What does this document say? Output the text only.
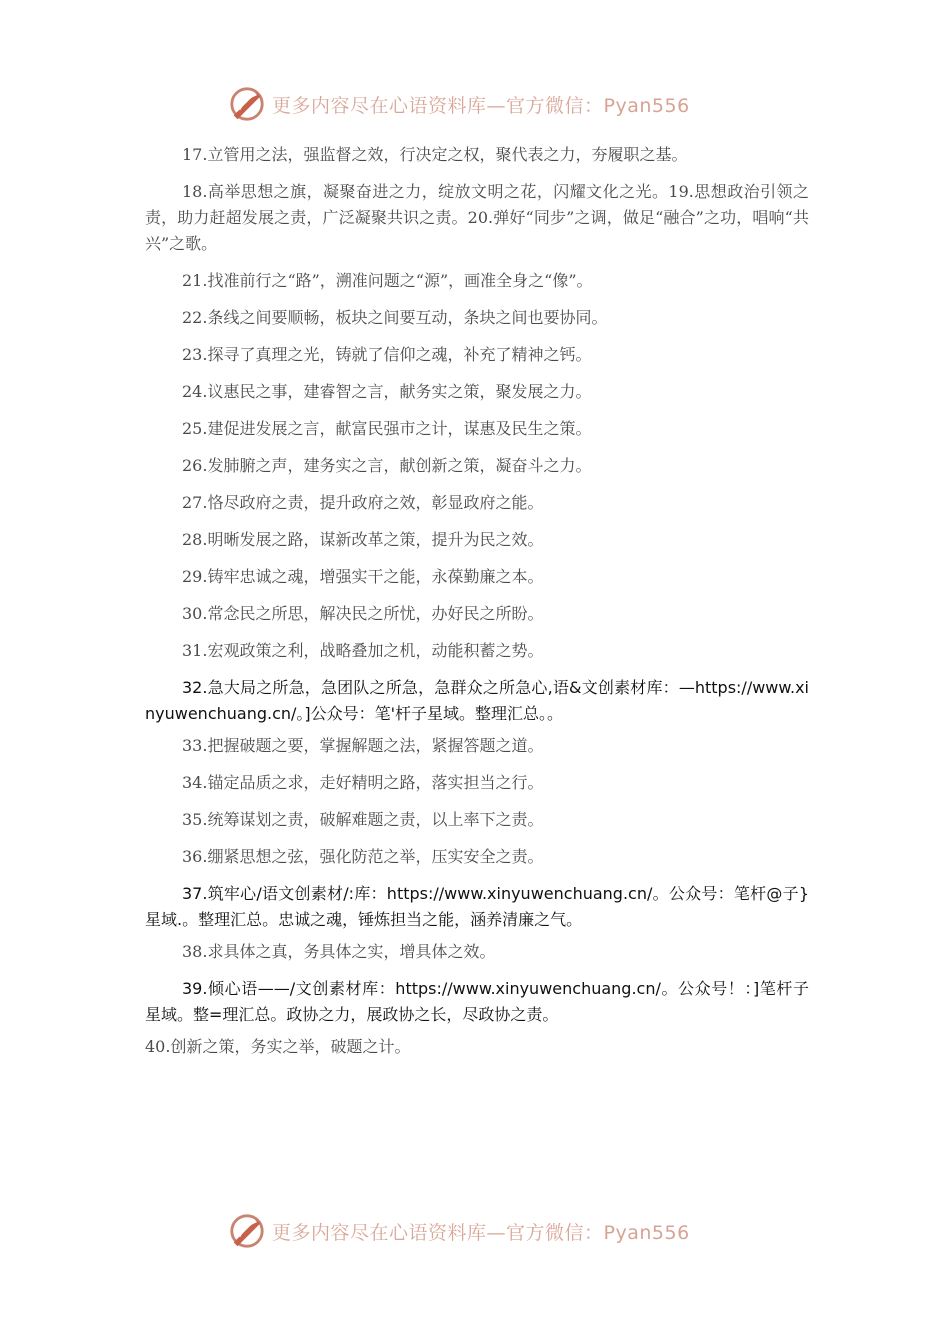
更多内容尽在心语资料库—官方微信：Pyan556

17.立管用之法，强监督之效，行决定之权，聚代表之力，夯履职之基。

18.高举思想之旗，凝聚奋进之力，绽放文明之花，闪耀文化之光。19.思想政治引领之责，助力赶超发展之责，广泛凝聚共识之责。20.弹好“同步”之调，做足“融合”之功，唱响“共兴”之歌。

21.找准前行之“路”，溯准问题之“源”，画准全身之“像”。

22.条线之间要顺畅，板块之间要互动，条块之间也要协同。

23.探寻了真理之光，铸就了信仰之魂，补充了精神之钙。

24.议惠民之事，建睿智之言，献务实之策，聚发展之力。

25.建促进发展之言，献富民强市之计，谋惠及民生之策。

26.发肺腑之声，建务实之言，献创新之策，凝奋斗之力。

27.恪尽政府之责，提升政府之效，彰显政府之能。

28.明晰发展之路，谋新改革之策，提升为民之效。

29.铸牢忠诚之魂，增强实干之能，永葆勤廉之本。

30.常念民之所思，解决民之所忧，办好民之所盼。

31.宏观政策之利，战略叠加之机，动能积蓄之势。

32.急大局之所急，急团队之所急，急群众之所急心,语&文创素材库：—https://www.xinyuwenchuang.cn/。]公众号：笔'杆子星域。整理汇总。。

33.把握破题之要，掌握解题之法，紧握答题之道。

34.锚定品质之求，走好精明之路，落实担当之行。

35.统筹谋划之责，破解难题之责，以上率下之责。

36.绷紧思想之弦，强化防范之举，压实安全之责。

37.筑牢心/语文创素材/:库：https://www.xinyuwenchuang.cn/。公众号：笔杆@子}星域.。整理汇总。忠诚之魂，锤炼担当之能，涵养清廉之气。

38.求具体之真，务具体之实，增具体之效。

39.倾心语——/文创素材库：https://www.xinyuwenchuang.cn/。公众号！：]笔杆子星域。整=理汇总。政协之力，展政协之长，尽政协之责。

40.创新之策，务实之举，破题之计。

更多内容尽在心语资料库—官方微信：Pyan556
